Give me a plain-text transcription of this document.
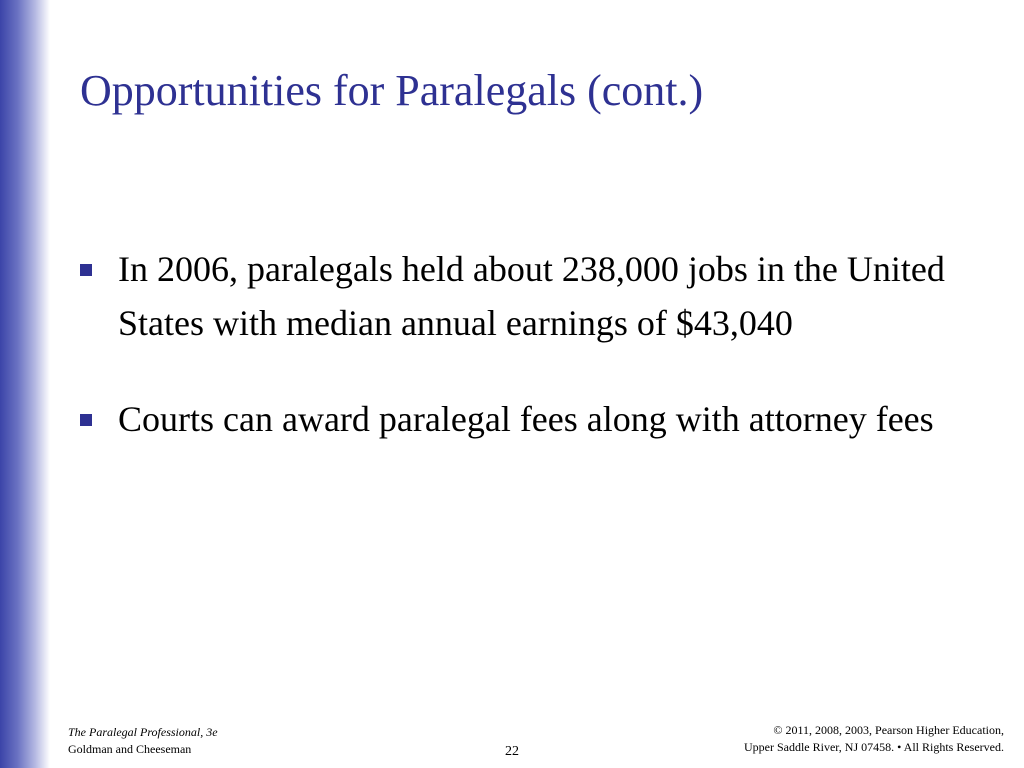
Opportunities for Paralegals (cont.)
In 2006, paralegals held about 238,000 jobs in the United States with median annual earnings of $43,040
Courts can award paralegal fees along with attorney fees
The Paralegal Professional, 3e
Goldman and Cheeseman	22
© 2011, 2008, 2003, Pearson Higher Education,
Upper Saddle River, NJ 07458. • All Rights Reserved.
